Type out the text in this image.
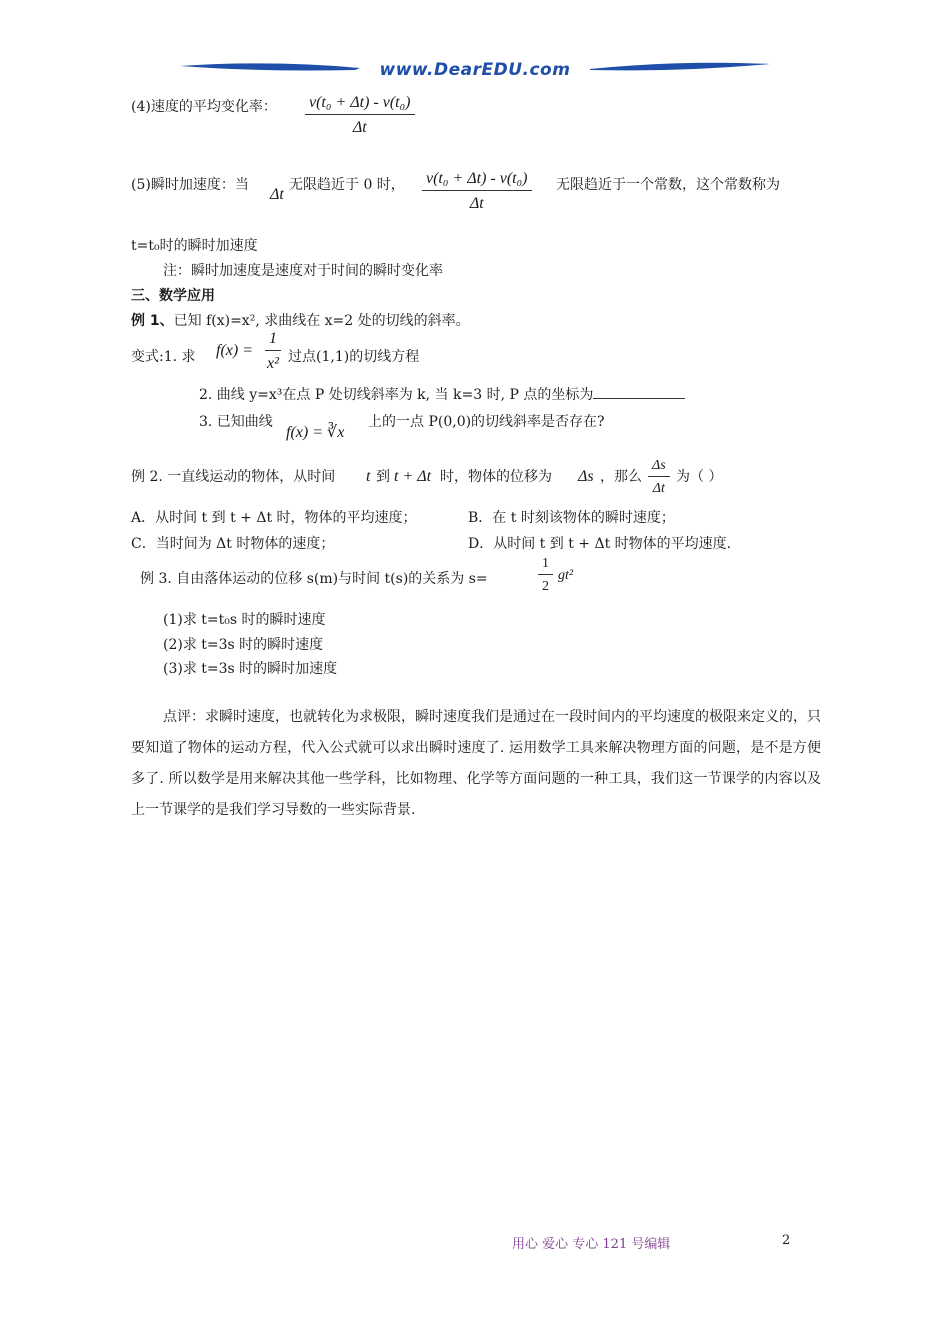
www.DearEDU.com
(4)速度的平均变化率： $\frac{\text{v(t₀ + Δt) - v(t₀)}}{\Delta t}$
(5)瞬时加速度：当
Δt
无限趋近于 0 时， $\frac{\text{v(t₀ + Δt) - v(t₀)}}{\Delta t}$ 无限趋近于一个常数，这个常数称为
t=t₀时的瞬时加速度
注：瞬时加速度是速度对于时间的瞬时变化率
三、数学应用
例 1、已知 f(x)=x², 求曲线在 x=2 处的切线的斜率。
变式:1. 求 $f(x) = \frac{1}{\text{x²}}$ 过点(1,1)的切线方程
2. 曲线 y=x³在点 P 处切线斜率为 k, 当 k=3 时, P 点的坐标为
3. 已知曲线
f(x) = ∛x
上的一点 P(0,0)的切线斜率是否存在?
例 2. 一直线运动的物体，从时间 t 到 t + Δt 时，物体的位移为 Δs ，那么 $\frac{\Delta s}{\Delta t}$ 为（ ）
A．从时间 t 到 t + Δt 时，物体的平均速度；	B．在 t 时刻该物体的瞬时速度；
C．当时间为 Δt 时物体的速度；	D．从时间 t 到 t + Δt 时物体的平均速度.
例 3. 自由落体运动的位移 s(m)与时间 t(s)的关系为 s=	$\frac{1}{2} gt^2$
(1)求 t=t₀s 时的瞬时速度
(2)求 t=3s 时的瞬时速度
(3)求 t=3s 时的瞬时加速度
点评：求瞬时速度，也就转化为求极限，瞬时速度我们是通过在一段时间内的平均速度的极限来定义的，只要知道了物体的运动方程，代入公式就可以求出瞬时速度了. 运用数学工具来解决物理方面的问题，是不是方便多了. 所以数学是用来解决其他一些学科，比如物理、化学等方面问题的一种工具，我们这一节课学的内容以及上一节课学的是我们学习导数的一些实际背景.
用心 爱心 专心 121 号编辑	2
